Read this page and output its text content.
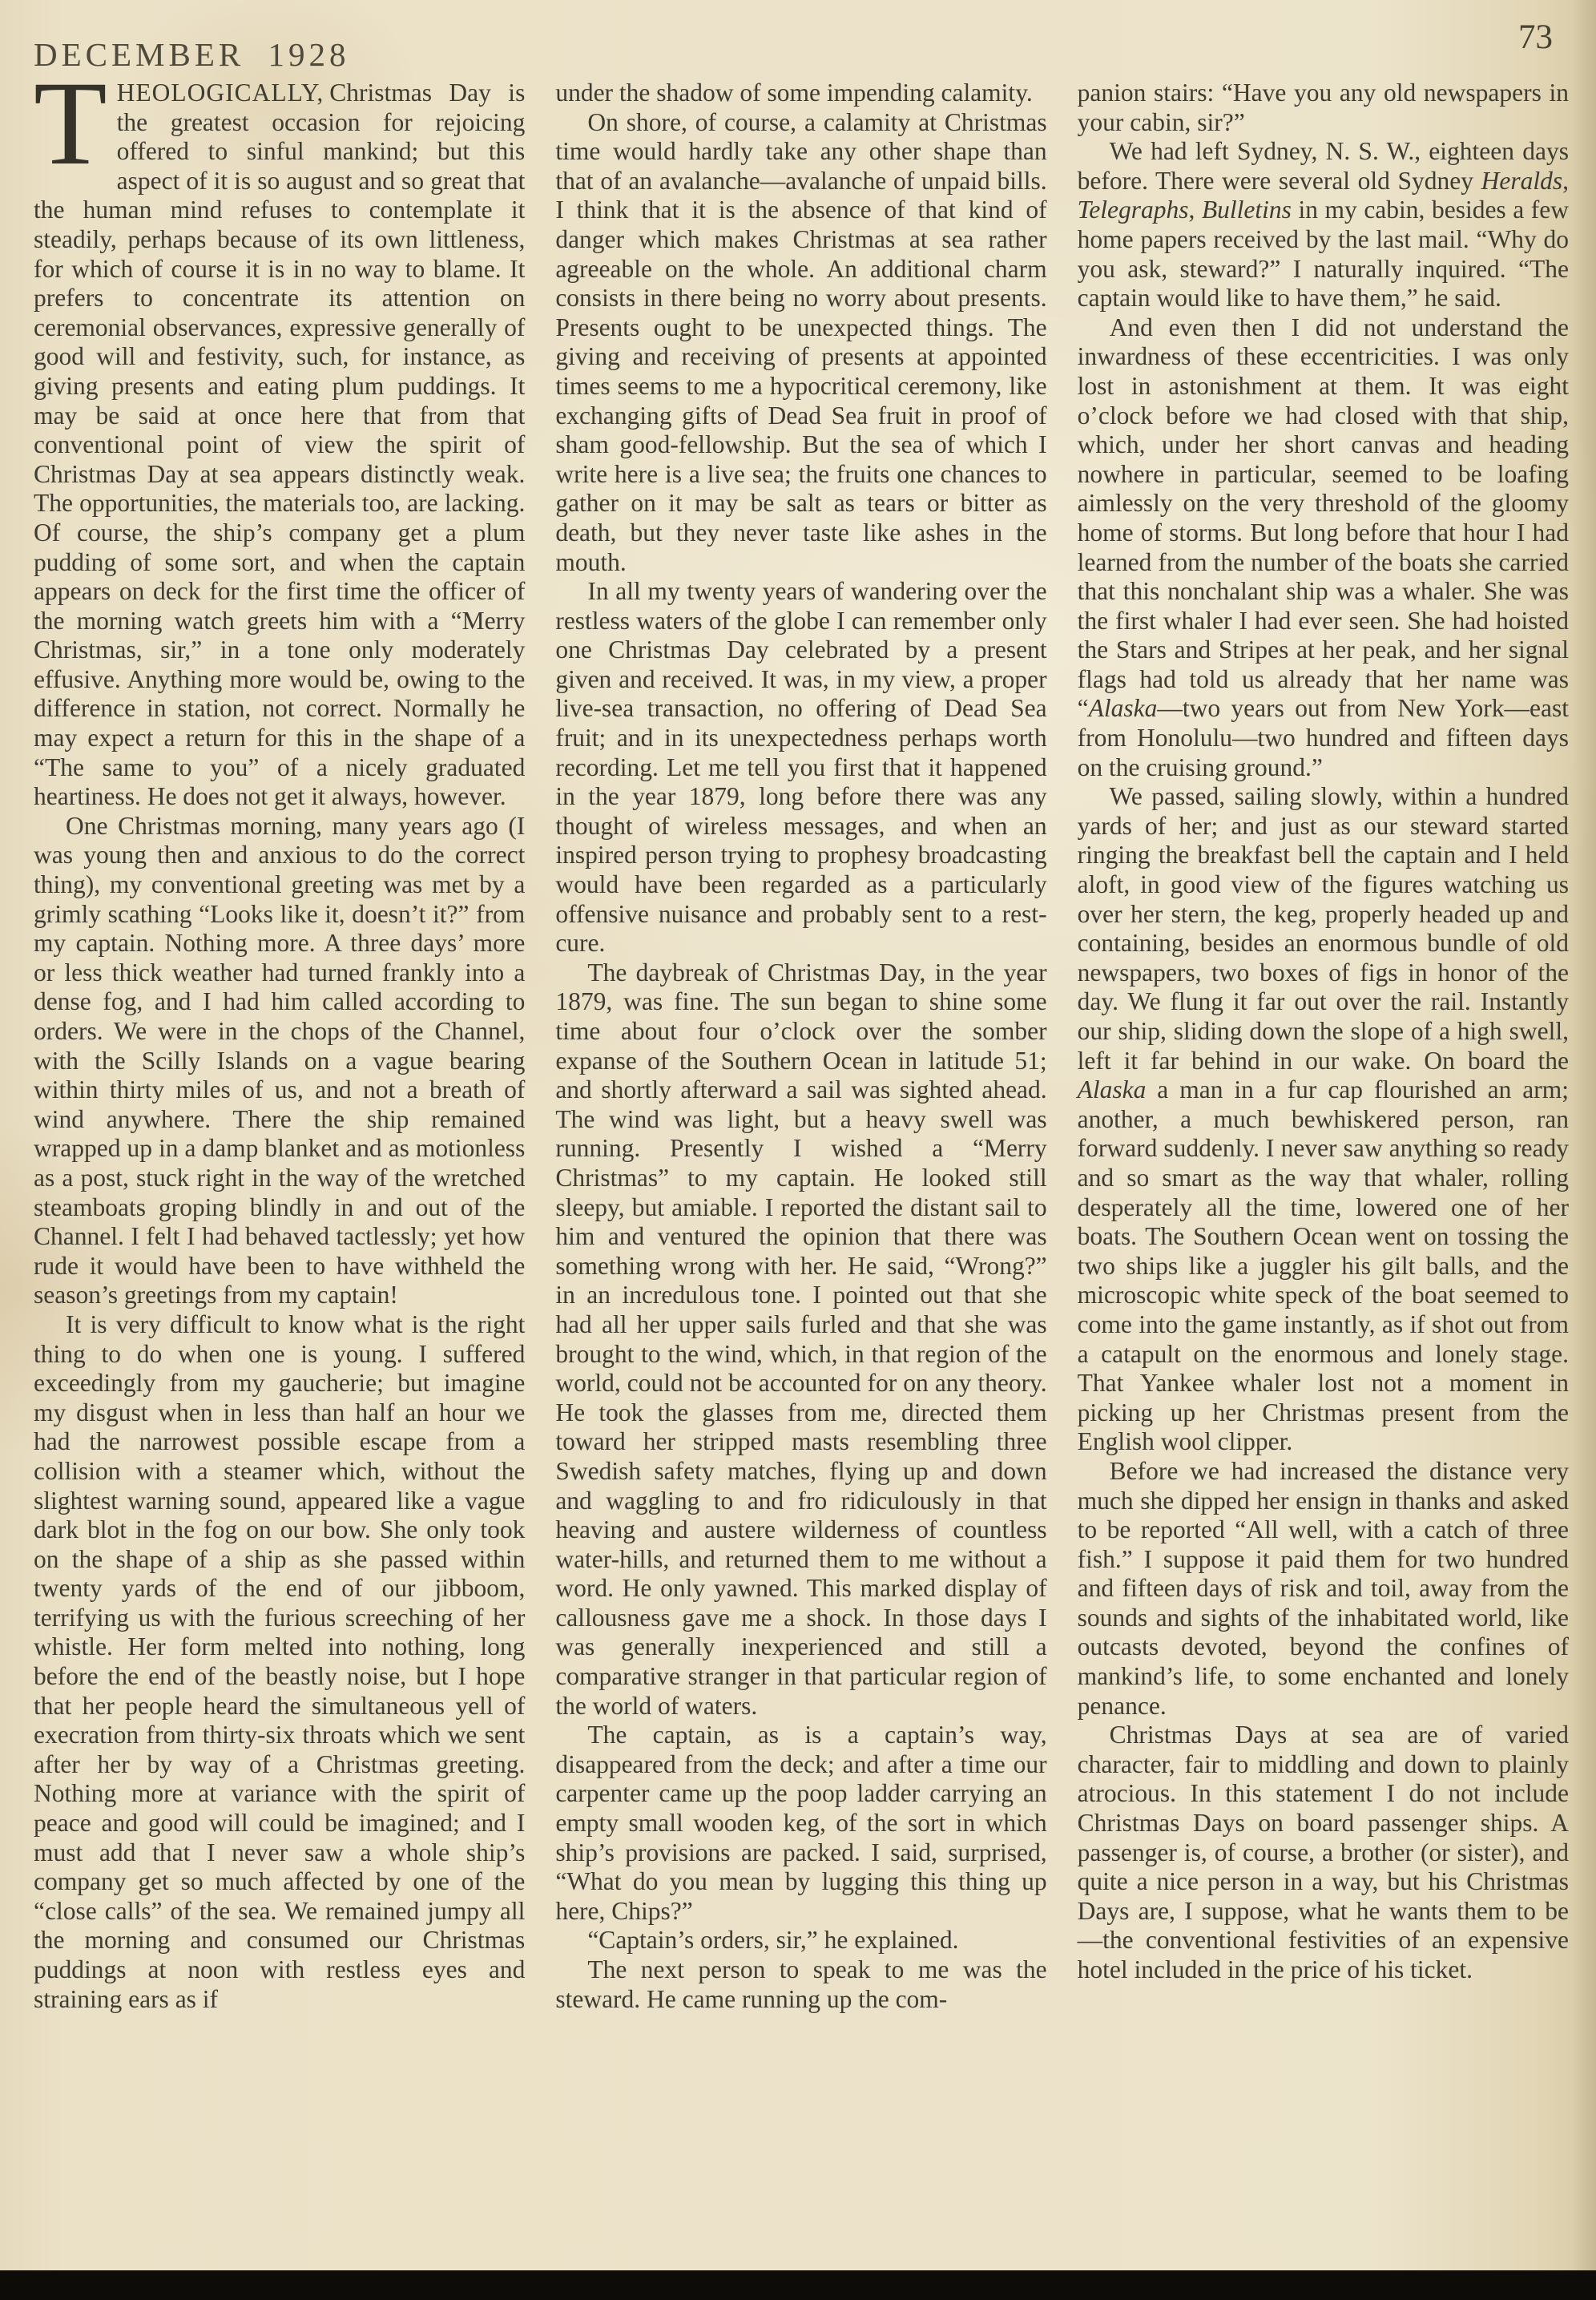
DECEMBER 1928	73

THEOLOGICALLY, Christmas Day is the greatest occasion for rejoicing offered to sinful mankind; but this aspect of it is so august and so great that the human mind refuses to contemplate it steadily, perhaps because of its own littleness, for which of course it is in no way to blame. It prefers to concentrate its attention on ceremonial observances, expressive generally of good will and festivity, such, for instance, as giving presents and eating plum puddings. It may be said at once here that from that conventional point of view the spirit of Christmas Day at sea appears distinctly weak. The opportunities, the materials too, are lacking. Of course, the ship’s company get a plum pudding of some sort, and when the captain appears on deck for the first time the officer of the morning watch greets him with a “Merry Christmas, sir,” in a tone only moderately effusive. Anything more would be, owing to the difference in station, not correct. Normally he may expect a return for this in the shape of a “The same to you” of a nicely graduated heartiness. He does not get it always, however.

One Christmas morning, many years ago (I was young then and anxious to do the correct thing), my conventional greeting was met by a grimly scathing “Looks like it, doesn’t it?” from my captain. Nothing more. A three days’ more or less thick weather had turned frankly into a dense fog, and I had him called according to orders. We were in the chops of the Channel, with the Scilly Islands on a vague bearing within thirty miles of us, and not a breath of wind anywhere. There the ship remained wrapped up in a damp blanket and as motionless as a post, stuck right in the way of the wretched steamboats groping blindly in and out of the Channel. I felt I had behaved tactlessly; yet how rude it would have been to have withheld the season’s greetings from my captain!

It is very difficult to know what is the right thing to do when one is young. I suffered exceedingly from my gaucherie; but imagine my disgust when in less than half an hour we had the narrowest possible escape from a collision with a steamer which, without the slightest warning sound, appeared like a vague dark blot in the fog on our bow. She only took on the shape of a ship as she passed within twenty yards of the end of our jibboom, terrifying us with the furious screeching of her whistle. Her form melted into nothing, long before the end of the beastly noise, but I hope that her people heard the simultaneous yell of execration from thirty-six throats which we sent after her by way of a Christmas greeting. Nothing more at variance with the spirit of peace and good will could be imagined; and I must add that I never saw a whole ship’s company get so much affected by one of the “close calls” of the sea. We remained jumpy all the morning and consumed our Christmas puddings at noon with restless eyes and straining ears as if

under the shadow of some impending calamity.

On shore, of course, a calamity at Christmas time would hardly take any other shape than that of an avalanche—avalanche of unpaid bills. I think that it is the absence of that kind of danger which makes Christmas at sea rather agreeable on the whole. An additional charm consists in there being no worry about presents. Presents ought to be unexpected things. The giving and receiving of presents at appointed times seems to me a hypocritical ceremony, like exchanging gifts of Dead Sea fruit in proof of sham good-fellowship. But the sea of which I write here is a live sea; the fruits one chances to gather on it may be salt as tears or bitter as death, but they never taste like ashes in the mouth.

In all my twenty years of wandering over the restless waters of the globe I can remember only one Christmas Day celebrated by a present given and received. It was, in my view, a proper live-sea transaction, no offering of Dead Sea fruit; and in its unexpectedness perhaps worth recording. Let me tell you first that it happened in the year 1879, long before there was any thought of wireless messages, and when an inspired person trying to prophesy broadcasting would have been regarded as a particularly offensive nuisance and probably sent to a rest-cure.

The daybreak of Christmas Day, in the year 1879, was fine. The sun began to shine some time about four o’clock over the somber expanse of the Southern Ocean in latitude 51; and shortly afterward a sail was sighted ahead. The wind was light, but a heavy swell was running. Presently I wished a “Merry Christmas” to my captain. He looked still sleepy, but amiable. I reported the distant sail to him and ventured the opinion that there was something wrong with her. He said, “Wrong?” in an incredulous tone. I pointed out that she had all her upper sails furled and that she was brought to the wind, which, in that region of the world, could not be accounted for on any theory. He took the glasses from me, directed them toward her stripped masts resembling three Swedish safety matches, flying up and down and waggling to and fro ridiculously in that heaving and austere wilderness of countless water-hills, and returned them to me without a word. He only yawned. This marked display of callousness gave me a shock. In those days I was generally inexperienced and still a comparative stranger in that particular region of the world of waters.

The captain, as is a captain’s way, disappeared from the deck; and after a time our carpenter came up the poop ladder carrying an empty small wooden keg, of the sort in which ship’s provisions are packed. I said, surprised, “What do you mean by lugging this thing up here, Chips?”

“Captain’s orders, sir,” he explained.

The next person to speak to me was the steward. He came running up the com-

panion stairs: “Have you any old newspapers in your cabin, sir?”

We had left Sydney, N. S. W., eighteen days before. There were several old Sydney Heralds, Telegraphs, Bulletins in my cabin, besides a few home papers received by the last mail. “Why do you ask, steward?” I naturally inquired. “The captain would like to have them,” he said.

And even then I did not understand the inwardness of these eccentricities. I was only lost in astonishment at them. It was eight o’clock before we had closed with that ship, which, under her short canvas and heading nowhere in particular, seemed to be loafing aimlessly on the very threshold of the gloomy home of storms. But long before that hour I had learned from the number of the boats she carried that this nonchalant ship was a whaler. She was the first whaler I had ever seen. She had hoisted the Stars and Stripes at her peak, and her signal flags had told us already that her name was “Alaska—two years out from New York—east from Honolulu—two hundred and fifteen days on the cruising ground.”

We passed, sailing slowly, within a hundred yards of her; and just as our steward started ringing the breakfast bell the captain and I held aloft, in good view of the figures watching us over her stern, the keg, properly headed up and containing, besides an enormous bundle of old newspapers, two boxes of figs in honor of the day. We flung it far out over the rail. Instantly our ship, sliding down the slope of a high swell, left it far behind in our wake. On board the Alaska a man in a fur cap flourished an arm; another, a much bewhiskered person, ran forward suddenly. I never saw anything so ready and so smart as the way that whaler, rolling desperately all the time, lowered one of her boats. The Southern Ocean went on tossing the two ships like a juggler his gilt balls, and the microscopic white speck of the boat seemed to come into the game instantly, as if shot out from a catapult on the enormous and lonely stage. That Yankee whaler lost not a moment in picking up her Christmas present from the English wool clipper.

Before we had increased the distance very much she dipped her ensign in thanks and asked to be reported “All well, with a catch of three fish.” I suppose it paid them for two hundred and fifteen days of risk and toil, away from the sounds and sights of the inhabitated world, like outcasts devoted, beyond the confines of mankind’s life, to some enchanted and lonely penance.

Christmas Days at sea are of varied character, fair to middling and down to plainly atrocious. In this statement I do not include Christmas Days on board passenger ships. A passenger is, of course, a brother (or sister), and quite a nice person in a way, but his Christmas Days are, I suppose, what he wants them to be—the conventional festivities of an expensive hotel included in the price of his ticket.
